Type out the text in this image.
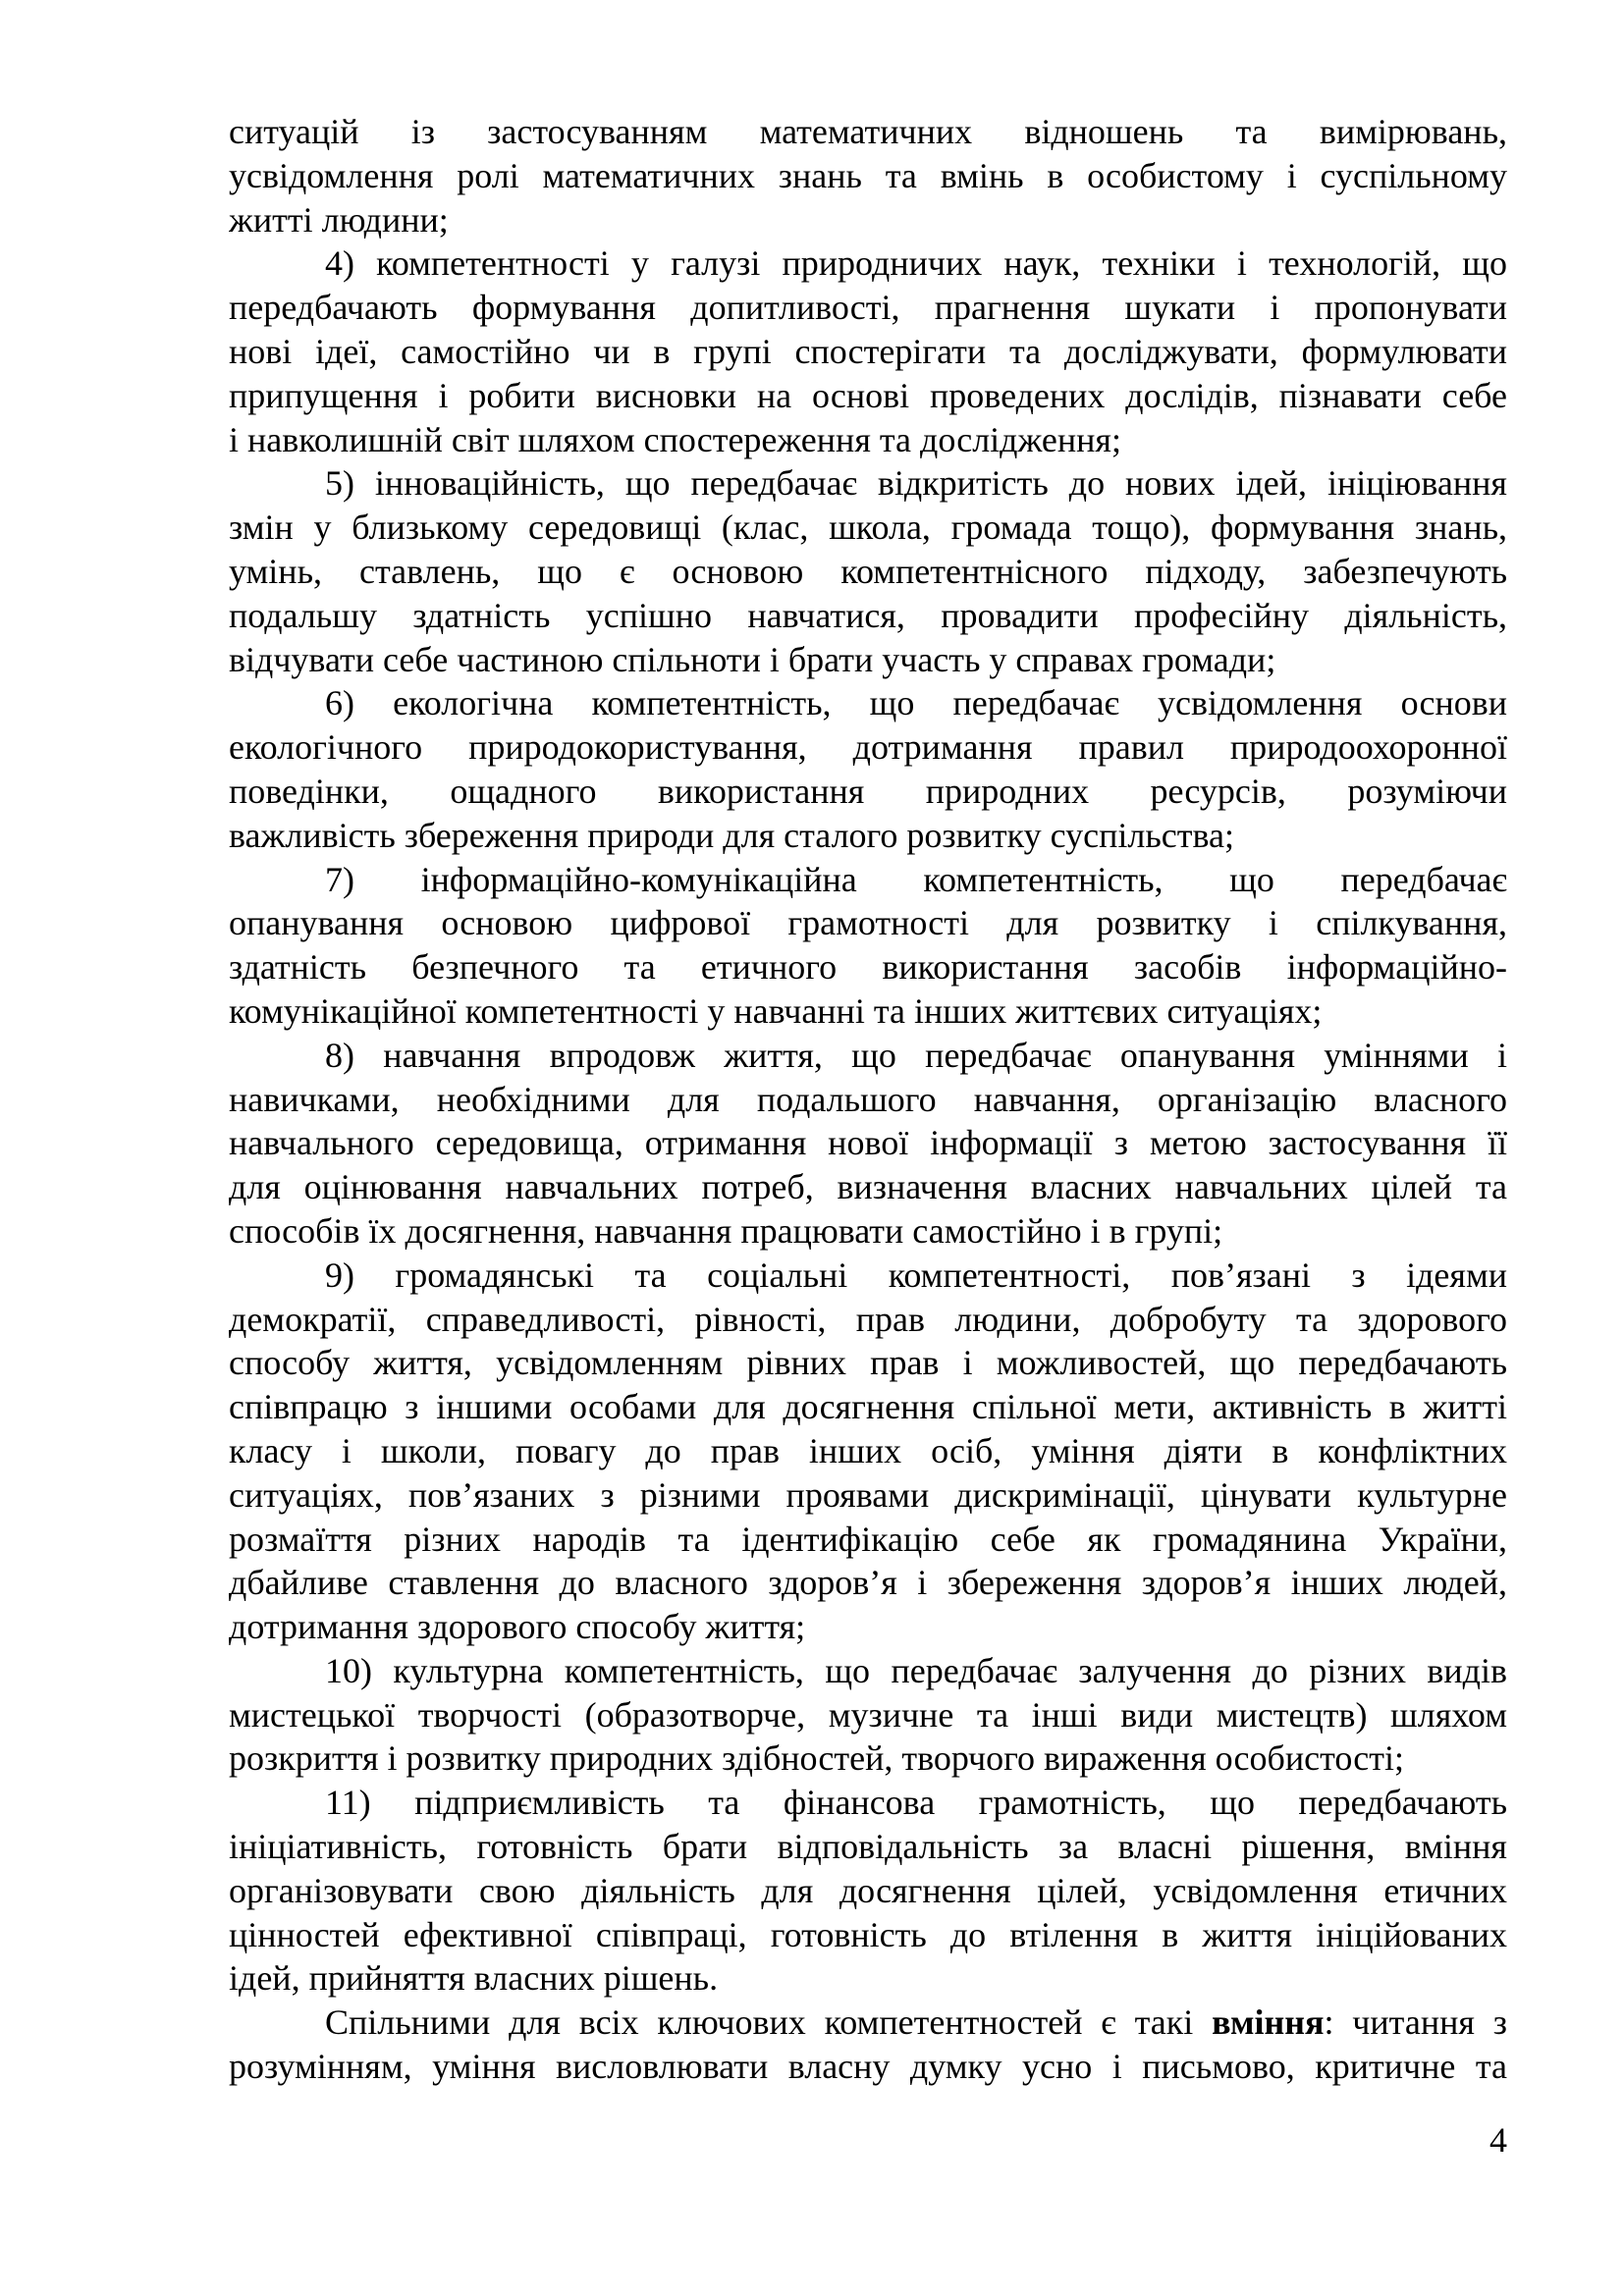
ситуацій із застосуванням математичних відношень та вимірювань,
усвідомлення ролі математичних знань та вмінь в особистому і суспільному
житті людини;
4) компетентності у галузі природничих наук, техніки і технологій, що
передбачають формування допитливості, прагнення шукати і пропонувати
нові ідеї, самостійно чи в групі спостерігати та досліджувати, формулювати
припущення і робити висновки на основі проведених дослідів, пізнавати себе
і навколишній світ шляхом спостереження та дослідження;
5) інноваційність, що передбачає відкритість до нових ідей, ініціювання
змін у близькому середовищі (клас, школа, громада тощо), формування знань,
умінь, ставлень, що є основою компетентнісного підходу, забезпечують
подальшу здатність успішно навчатися, провадити професійну діяльність,
відчувати себе частиною спільноти і брати участь у справах громади;
6) екологічна компетентність, що передбачає усвідомлення основи
екологічного природокористування, дотримання правил природоохоронної
поведінки, ощадного використання природних ресурсів, розуміючи
важливість збереження природи для сталого розвитку суспільства;
7) інформаційно-комунікаційна компетентність, що передбачає
опанування основою цифрової грамотності для розвитку і спілкування,
здатність безпечного та етичного використання засобів інформаційно-
комунікаційної компетентності у навчанні та інших життєвих ситуаціях;
8) навчання впродовж життя, що передбачає опанування уміннями і
навичками, необхідними для подальшого навчання, організацію власного
навчального середовища, отримання нової інформації з метою застосування її
для оцінювання навчальних потреб, визначення власних навчальних цілей та
способів їх досягнення, навчання працювати самостійно і в групі;
9) громадянські та соціальні компетентності, пов’язані з ідеями
демократії, справедливості, рівності, прав людини, добробуту та здорового
способу життя, усвідомленням рівних прав і можливостей, що передбачають
співпрацю з іншими особами для досягнення спільної мети, активність в житті
класу і школи, повагу до прав інших осіб, уміння діяти в конфліктних
ситуаціях, пов’язаних з різними проявами дискримінації, цінувати культурне
розмаїття різних народів та ідентифікацію себе як громадянина України,
дбайливе ставлення до власного здоров’я і збереження здоров’я інших людей,
дотримання здорового способу життя;
10) культурна компетентність, що передбачає залучення до різних видів
мистецької творчості (образотворче, музичне та інші види мистецтв) шляхом
розкриття і розвитку природних здібностей, творчого вираження особистості;
11) підприємливість та фінансова грамотність, що передбачають
ініціативність, готовність брати відповідальність за власні рішення, вміння
організовувати свою діяльність для досягнення цілей, усвідомлення етичних
цінностей ефективної співпраці, готовність до втілення в життя ініційованих
ідей, прийняття власних рішень.
Спільними для всіх ключових компетентностей є такі вміння: читання з
розумінням, уміння висловлювати власну думку усно і письмово, критичне та
4
